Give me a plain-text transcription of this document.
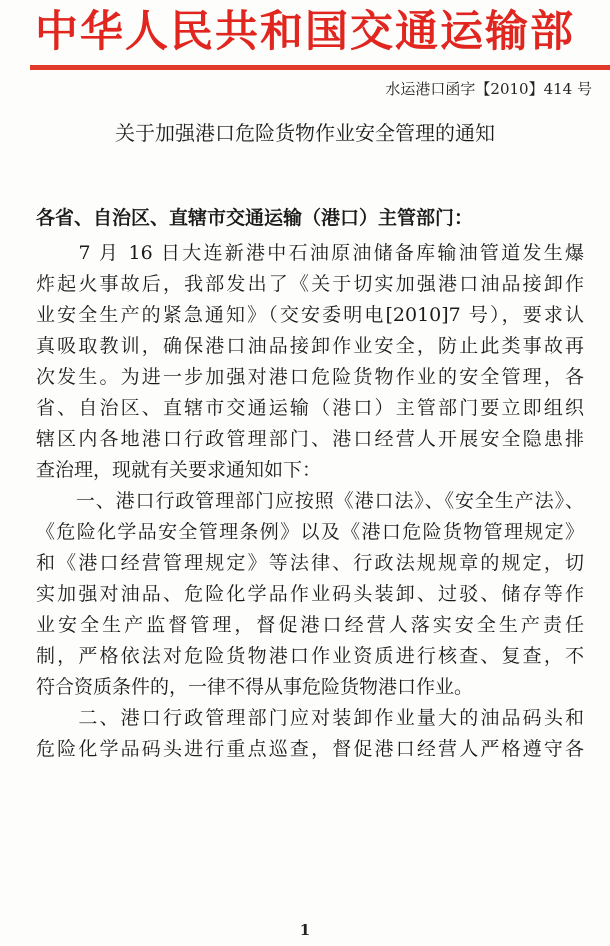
中华人民共和国交通运输部
水运港口函字【2010】414 号
关于加强港口危险货物作业安全管理的通知
各省、自治区、直辖市交通运输（港口）主管部门：
　　7 月 16 日大连新港中石油原油储备库输油管道发生爆
炸起火事故后，我部发出了《关于切实加强港口油品接卸作
业安全生产的紧急通知》（交安委明电[2010]7 号），要求认
真吸取教训，确保港口油品接卸作业安全，防止此类事故再
次发生。为进一步加强对港口危险货物作业的安全管理，各
省、自治区、直辖市交通运输（港口）主管部门要立即组织
辖区内各地港口行政管理部门、港口经营人开展安全隐患排
查治理，现就有关要求通知如下：
　　一、港口行政管理部门应按照《港口法》、《安全生产法》、
《危险化学品安全管理条例》以及《港口危险货物管理规定》
和《港口经营管理规定》等法律、行政法规规章的规定，切
实加强对油品、危险化学品作业码头装卸、过驳、储存等作
业安全生产监督管理，督促港口经营人落实安全生产责任
制，严格依法对危险货物港口作业资质进行核查、复查，不
符合资质条件的，一律不得从事危险货物港口作业。
　　二、港口行政管理部门应对装卸作业量大的油品码头和
危险化学品码头进行重点巡查，督促港口经营人严格遵守各
1
